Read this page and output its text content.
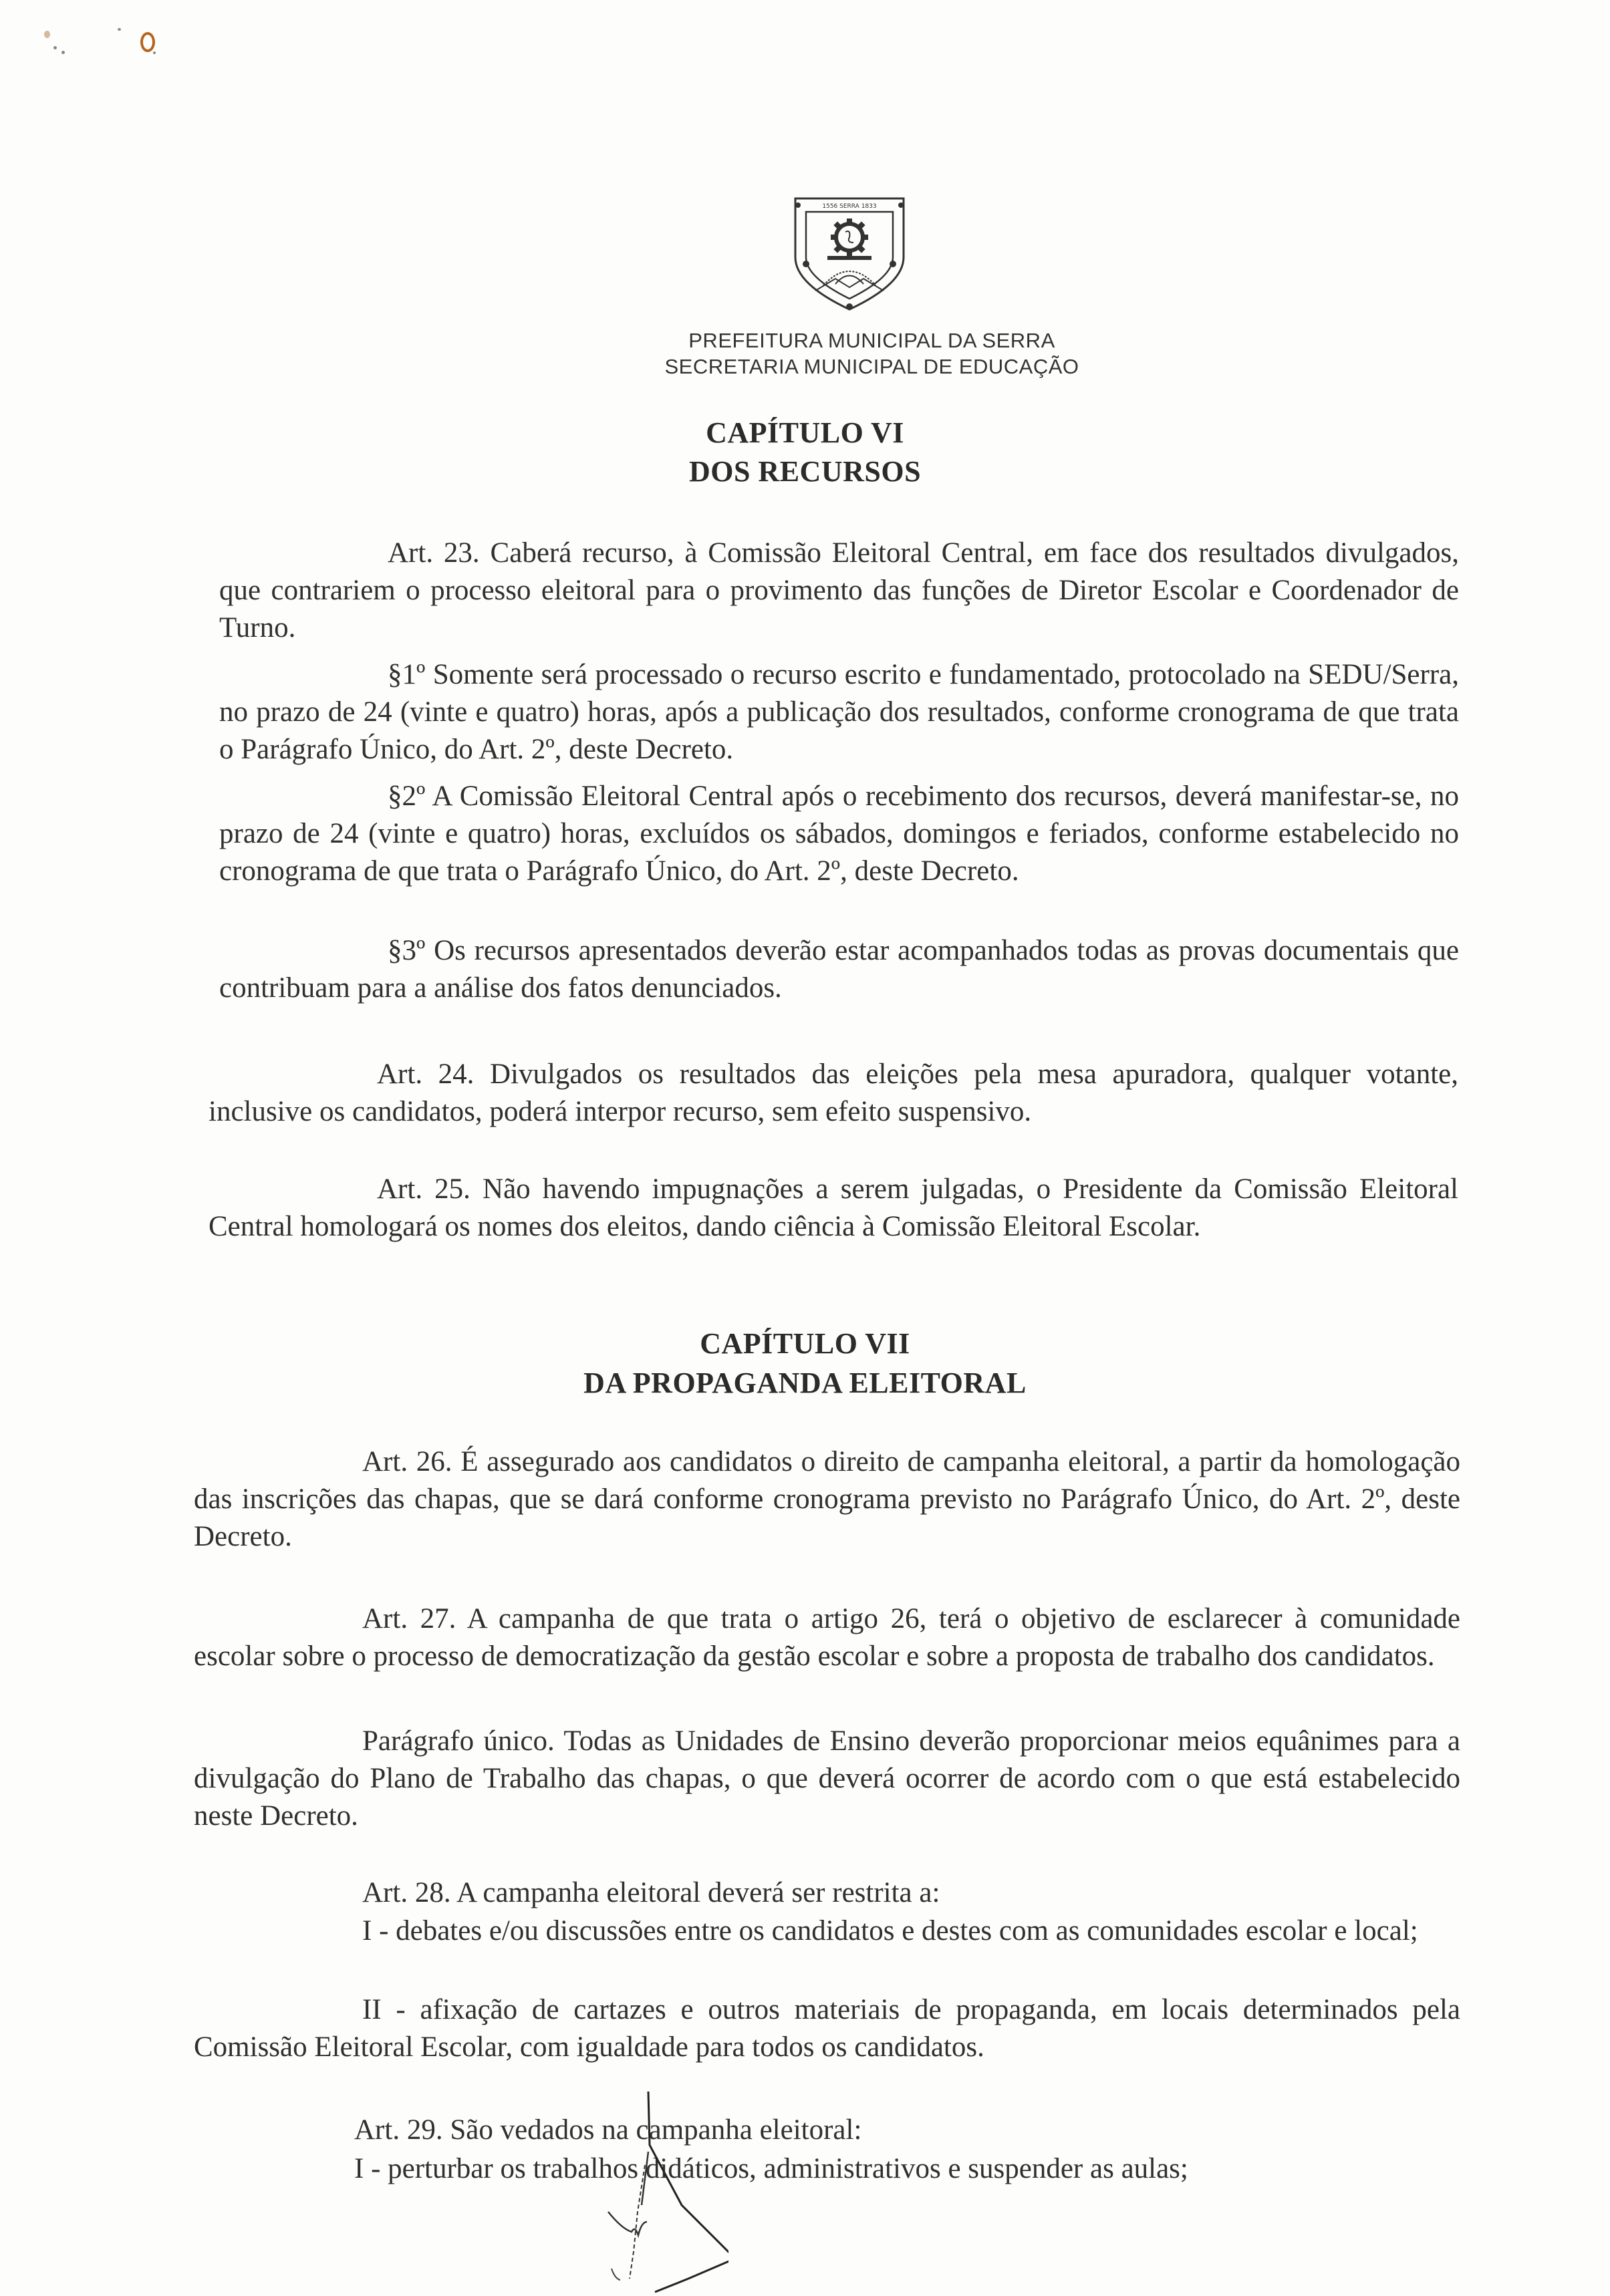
1556 SERRA 1833
PREFEITURA MUNICIPAL DA SERRA
SECRETARIA MUNICIPAL DE EDUCAÇÃO
CAPÍTULO VI
DOS RECURSOS
Art. 23. Caberá recurso, à Comissão Eleitoral Central, em face dos resultados divulgados, que contrariem o processo eleitoral para o provimento das funções de Diretor Escolar e Coordenador de Turno.
§1º Somente será processado o recurso escrito e fundamentado, protocolado na SEDU/Serra, no prazo de 24 (vinte e quatro) horas, após a publicação dos resultados, conforme cronograma de que trata o Parágrafo Único, do Art. 2º, deste Decreto.
§2º A Comissão Eleitoral Central após o recebimento dos recursos, deverá manifestar-se, no prazo de 24 (vinte e quatro) horas, excluídos os sábados, domingos e feriados, conforme estabelecido no cronograma de que trata o Parágrafo Único, do Art. 2º, deste Decreto.
§3º Os recursos apresentados deverão estar acompanhados todas as provas documentais que contribuam para a análise dos fatos denunciados.
Art. 24. Divulgados os resultados das eleições pela mesa apuradora, qualquer votante, inclusive os candidatos, poderá interpor recurso, sem efeito suspensivo.
Art. 25. Não havendo impugnações a serem julgadas, o Presidente da Comissão Eleitoral Central homologará os nomes dos eleitos, dando ciência à Comissão Eleitoral Escolar.
CAPÍTULO VII
DA PROPAGANDA ELEITORAL
Art. 26. É assegurado aos candidatos o direito de campanha eleitoral, a partir da homologação das inscrições das chapas, que se dará conforme cronograma previsto no Parágrafo Único, do Art. 2º, deste Decreto.
Art. 27. A campanha de que trata o artigo 26, terá o objetivo de esclarecer à comunidade escolar sobre o processo de democratização da gestão escolar e sobre a proposta de trabalho dos candidatos.
Parágrafo único. Todas as Unidades de Ensino deverão proporcionar meios equânimes para a divulgação do Plano de Trabalho das chapas, o que deverá ocorrer de acordo com o que está estabelecido neste Decreto.
Art. 28. A campanha eleitoral deverá ser restrita a:
I - debates e/ou discussões entre os candidatos e destes com as comunidades escolar e local;
II - afixação de cartazes e outros materiais de propaganda, em locais determinados pela Comissão Eleitoral Escolar, com igualdade para todos os candidatos.
Art. 29. São vedados na campanha eleitoral:
I - perturbar os trabalhos didáticos, administrativos e suspender as aulas;
